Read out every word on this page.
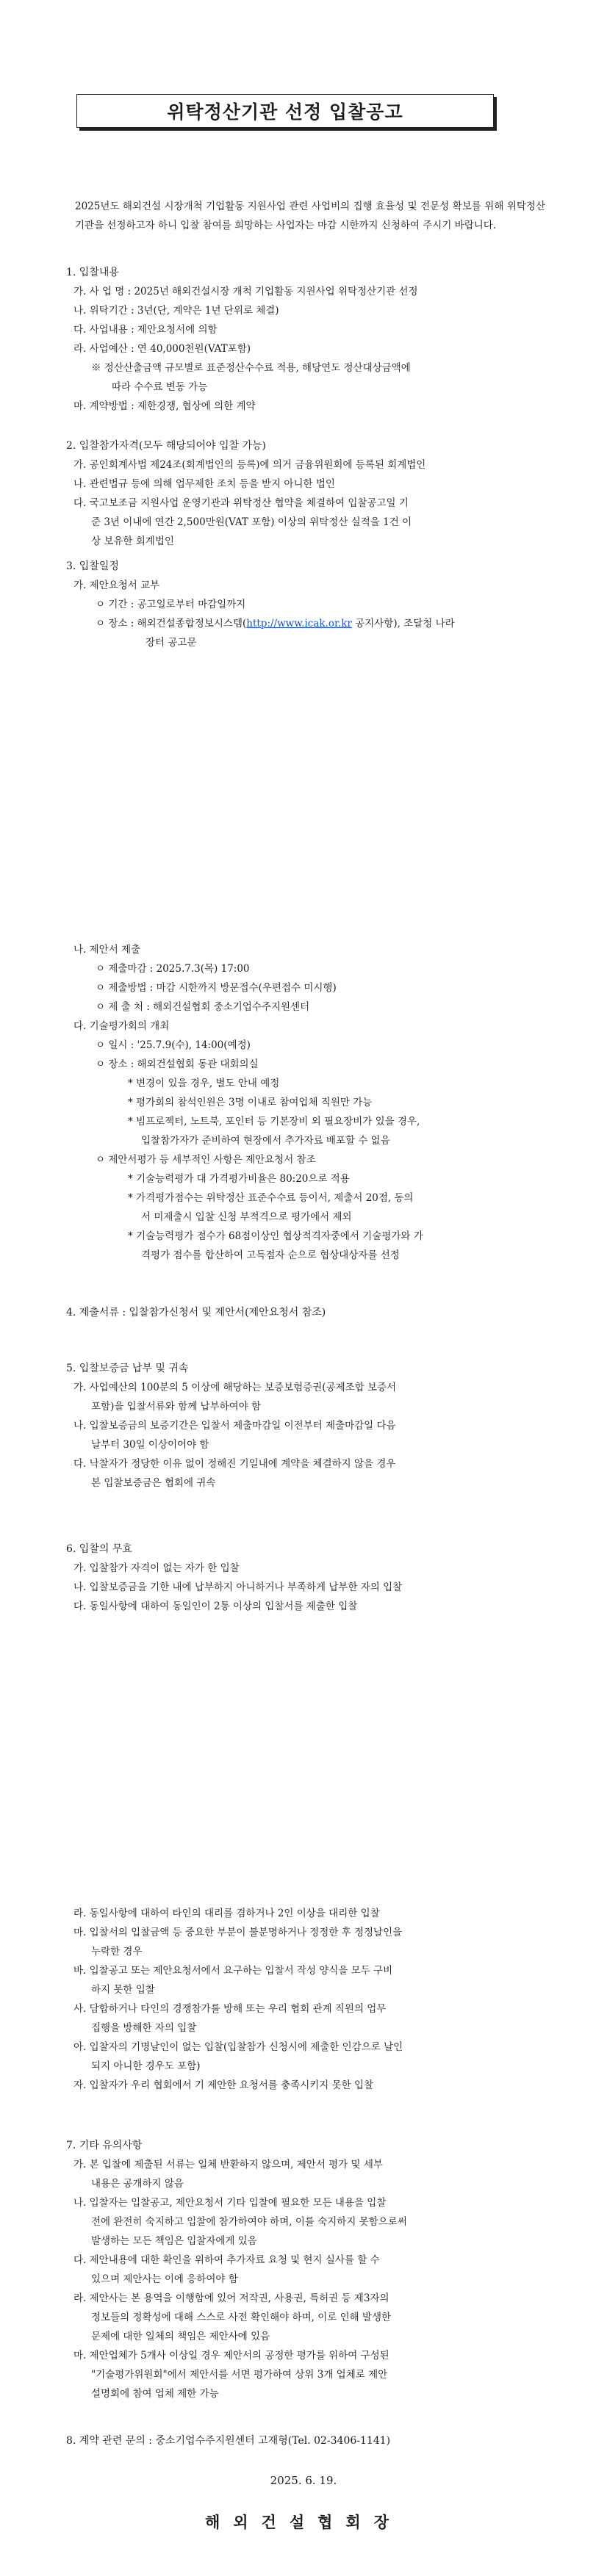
위탁정산기관 선정 입찰공고
2025년도 해외건설 시장개척 기업활동 지원사업 관련 사업비의 집행 효율성 및 전문성 확보를 위해 위탁정산기관을 선정하고자 하니 입찰 참여를 희망하는 사업자는 마감 시한까지 신청하여 주시기 바랍니다.
1. 입찰내용
가. 사 업 명 : 2025년 해외건설시장 개척 기업활동 지원사업 위탁정산기관 선정
나. 위탁기간 : 3년(단, 계약은 1년 단위로 체결)
다. 사업내용 : 제안요청서에 의함
라. 사업예산 : 연 40,000천원(VAT포함)
※ 정산산출금액 규모별로 표준정산수수료 적용, 해당연도 정산대상금액에
따라 수수료 변동 가능
마. 계약방법 : 제한경쟁, 협상에 의한 계약
2. 입찰참가자격(모두 해당되어야 입찰 가능)
가. 공인회계사법 제24조(회계법인의 등록)에 의거 금융위원회에 등록된 회계법인
나. 관련법규 등에 의해 업무제한 조치 등을 받지 아니한 법인
다. 국고보조금 지원사업 운영기관과 위탁정산 협약을 체결하여 입찰공고일 기
준 3년 이내에 연간 2,500만원(VAT 포함) 이상의 위탁정산 실적을 1건 이
상 보유한 회계법인
3. 입찰일정
가. 제안요청서 교부
ㅇ 기간 : 공고일로부터 마감일까지
ㅇ 장소 : 해외건설종합정보시스템(http://www.icak.or.kr 공지사항), 조달청 나라
장터 공고문
나. 제안서 제출
ㅇ 제출마감 : 2025.7.3(목) 17:00
ㅇ 제출방법 : 마감 시한까지 방문접수(우편접수 미시행)
ㅇ 제 출 처 : 해외건설협회 중소기업수주지원센터
다. 기술평가회의 개최
ㅇ 일시 : '25.7.9(수), 14:00(예정)
ㅇ 장소 : 해외건설협회 동관 대회의실
* 변경이 있을 경우, 별도 안내 예정
* 평가회의 참석인원은 3명 이내로 참여업체 직원만 가능
* 빔프로젝터, 노트북, 포인터 등 기본장비 외 필요장비가 있을 경우,
입찰참가자가 준비하여 현장에서 추가자료 배포할 수 없음
ㅇ 제안서평가 등 세부적인 사항은 제안요청서 참조
* 기술능력평가 대 가격평가비율은 80:20으로 적용
* 가격평가점수는 위탁정산 표준수수료 등이서, 제출서 20점, 동의
서 미제출시 입찰 신청 부적격으로 평가에서 제외
* 기술능력평가 점수가 68점이상인 협상적격자중에서 기술평가와 가
격평가 점수를 합산하여 고득점자 순으로 협상대상자를 선정
4. 제출서류 : 입찰참가신청서 및 제안서(제안요청서 참조)
5. 입찰보증금 납부 및 귀속
가. 사업예산의 100분의 5 이상에 해당하는 보증보험증권(공제조합 보증서
포함)을 입찰서류와 함께 납부하여야 함
나. 입찰보증금의 보증기간은 입찰서 제출마감일 이전부터 제출마감일 다음
날부터 30일 이상이어야 함
다. 낙찰자가 정당한 이유 없이 정해진 기일내에 계약을 체결하지 않을 경우
본 입찰보증금은 협회에 귀속
6. 입찰의 무효
가. 입찰참가 자격이 없는 자가 한 입찰
나. 입찰보증금을 기한 내에 납부하지 아니하거나 부족하게 납부한 자의 입찰
다. 동일사항에 대하여 동일인이 2통 이상의 입찰서를 제출한 입찰
라. 동일사항에 대하여 타인의 대리를 겸하거나 2인 이상을 대리한 입찰
마. 입찰서의 입찰금액 등 중요한 부분이 불분명하거나 정정한 후 정정날인을
누락한 경우
바. 입찰공고 또는 제안요청서에서 요구하는 입찰서 작성 양식을 모두 구비
하지 못한 입찰
사. 담합하거나 타인의 경쟁참가를 방해 또는 우리 협회 관계 직원의 업무
집행을 방해한 자의 입찰
아. 입찰자의 기명날인이 없는 입찰(입찰참가 신청시에 제출한 인감으로 날인
되지 아니한 경우도 포함)
자. 입찰자가 우리 협회에서 기 제안한 요청서를 충족시키지 못한 입찰
7. 기타 유의사항
가. 본 입찰에 제출된 서류는 일체 반환하지 않으며, 제안서 평가 및 세부
내용은 공개하지 않음
나. 입찰자는 입찰공고, 제안요청서 기타 입찰에 필요한 모든 내용을 입찰
전에 완전히 숙지하고 입찰에 참가하여야 하며, 이를 숙지하지 못함으로써
발생하는 모든 책임은 입찰자에게 있음
다. 제안내용에 대한 확인을 위하여 추가자료 요청 및 현지 실사를 할 수
있으며 제안사는 이에 응하여야 함
라. 제안사는 본 용역을 이행함에 있어 저작권, 사용권, 특허권 등 제3자의
정보들의 정확성에 대해 스스로 사전 확인해야 하며, 이로 인해 발생한
문제에 대한 일체의 책임은 제안사에 있음
마. 제안업체가 5개사 이상일 경우 제안서의 공정한 평가를 위하여 구성된
"기술평가위원회"에서 제안서를 서면 평가하여 상위 3개 업체로 제안
설명회에 참여 업체 제한 가능
8. 계약 관련 문의 : 중소기업수주지원센터 고재형(Tel. 02-3406-1141)
2025. 6. 19.
해외건설협회장
